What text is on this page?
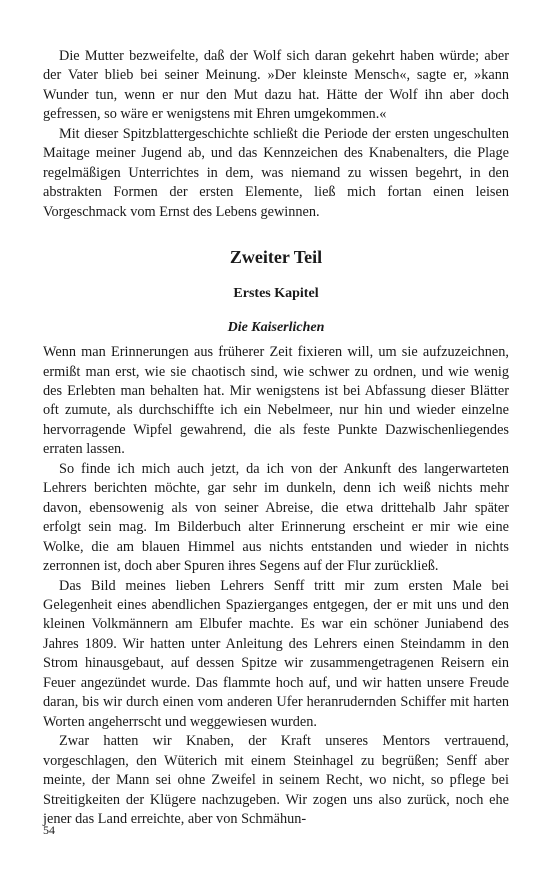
Die Mutter bezweifelte, daß der Wolf sich daran gekehrt haben würde; aber der Vater blieb bei seiner Meinung. »Der kleinste Mensch«, sagte er, »kann Wunder tun, wenn er nur den Mut dazu hat. Hätte der Wolf ihn aber doch gefressen, so wäre er wenigstens mit Ehren umgekommen.«

Mit dieser Spitzblattergeschichte schließt die Periode der ersten ungeschulten Maitage meiner Jugend ab, und das Kennzeichen des Knabenalters, die Plage regelmäßigen Unterrichtes in dem, was niemand zu wissen begehrt, in den abstrakten Formen der ersten Elemente, ließ mich fortan einen leisen Vorgeschmack vom Ernst des Lebens gewinnen.

Zweiter Teil
Erstes Kapitel
Die Kaiserlichen

Wenn man Erinnerungen aus früherer Zeit fixieren will, um sie aufzuzeichnen, ermißt man erst, wie sie chaotisch sind, wie schwer zu ordnen, und wie wenig des Erlebten man behalten hat. Mir wenigstens ist bei Abfassung dieser Blätter oft zumute, als durchschiffte ich ein Nebelmeer, nur hin und wieder einzelne hervorragende Wipfel gewahrend, die als feste Punkte Dazwischenliegendes erraten lassen.

So finde ich mich auch jetzt, da ich von der Ankunft des langerwarteten Lehrers berichten möchte, gar sehr im dunkeln, denn ich weiß nichts mehr davon, ebensowenig als von seiner Abreise, die etwa drittehalb Jahr später erfolgt sein mag. Im Bilderbuch alter Erinnerung erscheint er mir wie eine Wolke, die am blauen Himmel aus nichts entstanden und wieder in nichts zerronnen ist, doch aber Spuren ihres Segens auf der Flur zurückließ.

Das Bild meines lieben Lehrers Senff tritt mir zum ersten Male bei Gelegenheit eines abendlichen Spazierganges entgegen, der er mit uns und den kleinen Volkmännern am Elbufer machte. Es war ein schöner Juniabend des Jahres 1809. Wir hatten unter Anleitung des Lehrers einen Steindamm in den Strom hinausgebaut, auf dessen Spitze wir zusammengetragenen Reisern ein Feuer angezündet wurde. Das flammte hoch auf, und wir hatten unsere Freude daran, bis wir durch einen vom anderen Ufer heranrudernden Schiffer mit harten Worten angeherrscht und weggewiesen wurden.

Zwar hatten wir Knaben, der Kraft unseres Mentors vertrauend, vorgeschlagen, den Wüterich mit einem Steinhagel zu begrüßen; Senff aber meinte, der Mann sei ohne Zweifel in seinem Recht, wo nicht, so pflege bei Streitigkeiten der Klügere nachzugeben. Wir zogen uns also zurück, noch ehe jener das Land erreichte, aber von Schmähun-

54
